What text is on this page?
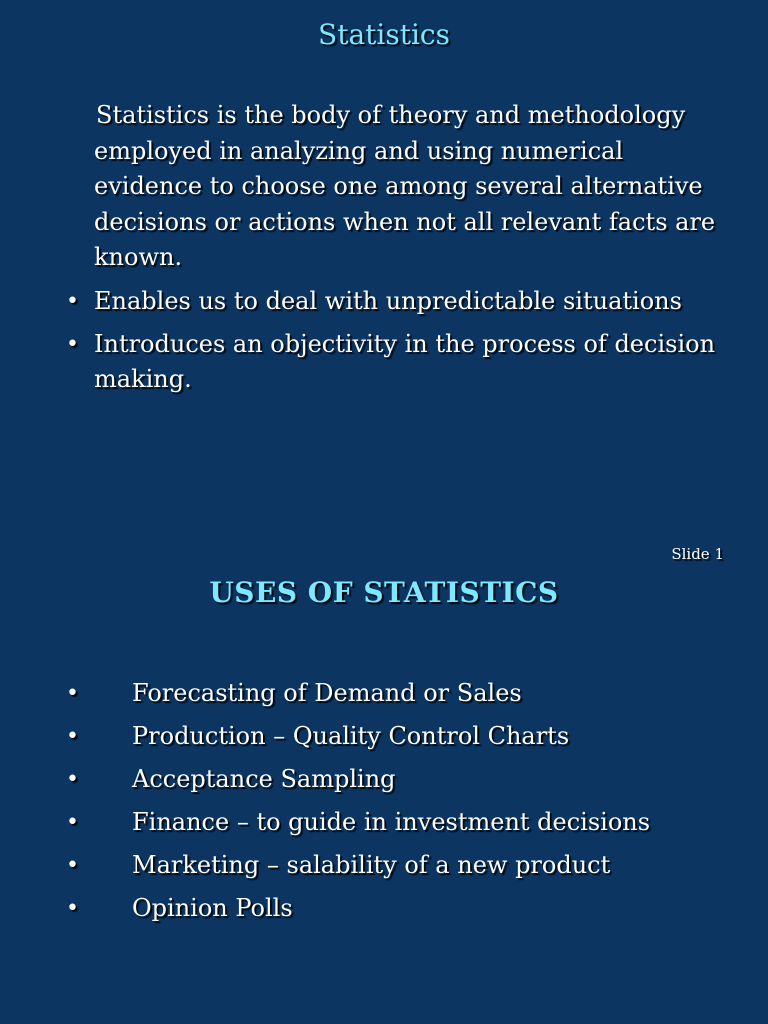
Statistics
Statistics is the body of theory and methodology employed in analyzing and using numerical evidence to choose one among several alternative decisions or actions when not all relevant facts are known.
• Enables us to deal with unpredictable situations
• Introduces an objectivity in the process of decision making.
Slide 1
USES OF STATISTICS
• Forecasting of Demand or Sales
• Production – Quality Control Charts
• Acceptance Sampling
• Finance – to guide in investment decisions
• Marketing – salability of a new product
• Opinion Polls
